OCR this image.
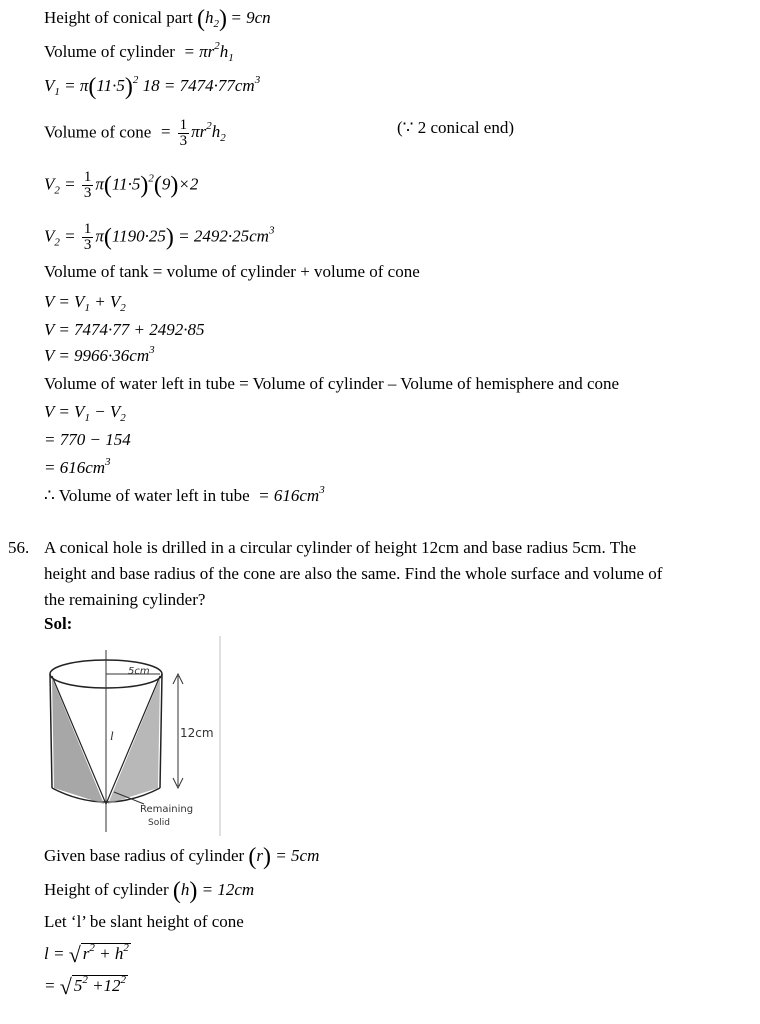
Height of conical part $(h_2) = 9cn$
Volume of cylinder  = $\pi r^2h_1$
$V_1 = \pi(11\cdot 5)^2$ $18 = 7474\cdot 77cm^3$
Volume of cone  = $\frac{1}{3} \pi r^2h_2$
(∵ 2 conical end)
$V_2 = \frac{1}{3} \pi(11\cdot 5)^2(9)\times 2$
$V_2 = \frac{1}{3} \pi(1190\cdot 25) = 2492\cdot 25cm^3$
Volume of tank = volume of cylinder + volume of cone
$V = V_1 + V_2$
V = 7474·77 + 2492·85
$V = 9966\cdot 36cm^3$
Volume of water left in tube = Volume of cylinder – Volume of hemisphere and cone
$V = V_1 - V_2$
= 770 − 154
= $616cm^3$
∴ Volume of water left in tube  = $616cm^3$
56. A conical hole is drilled in a circular cylinder of height 12cm and base radius 5cm. The
height and base radius of the cone are also the same. Find the whole surface and volume of
the remaining cylinder?
Sol:
5cm
12cm
l
Remaining
Solid
Given base radius of cylinder (r) = 5cm
Height of cylinder (h) = 12cm
Let ‘l’ be slant height of cone
l = √ $r^2 + h^2$
= √ $5^2 +12^2$
